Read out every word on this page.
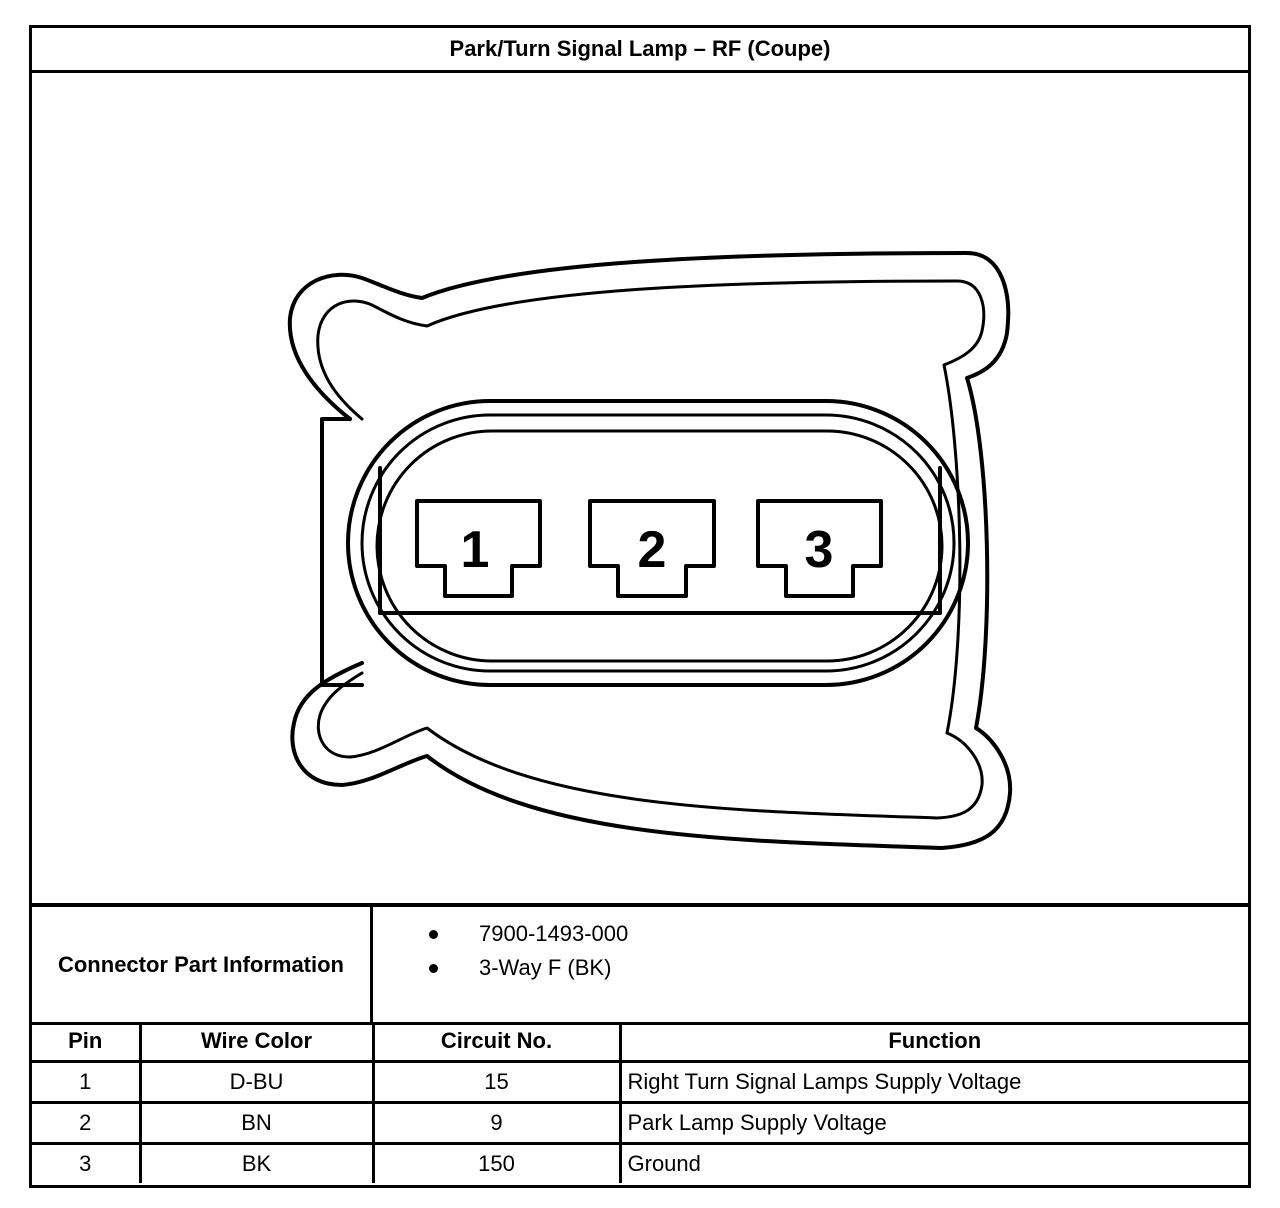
Park/Turn Signal Lamp – RF (Coupe)
1	2	3
Connector Part Information
7900-1493-000
3-Way F (BK)
Pin	Wire Color	Circuit No.	Function
1	D-BU	15	Right Turn Signal Lamps Supply Voltage
2	BN	9	Park Lamp Supply Voltage
3	BK	150	Ground
